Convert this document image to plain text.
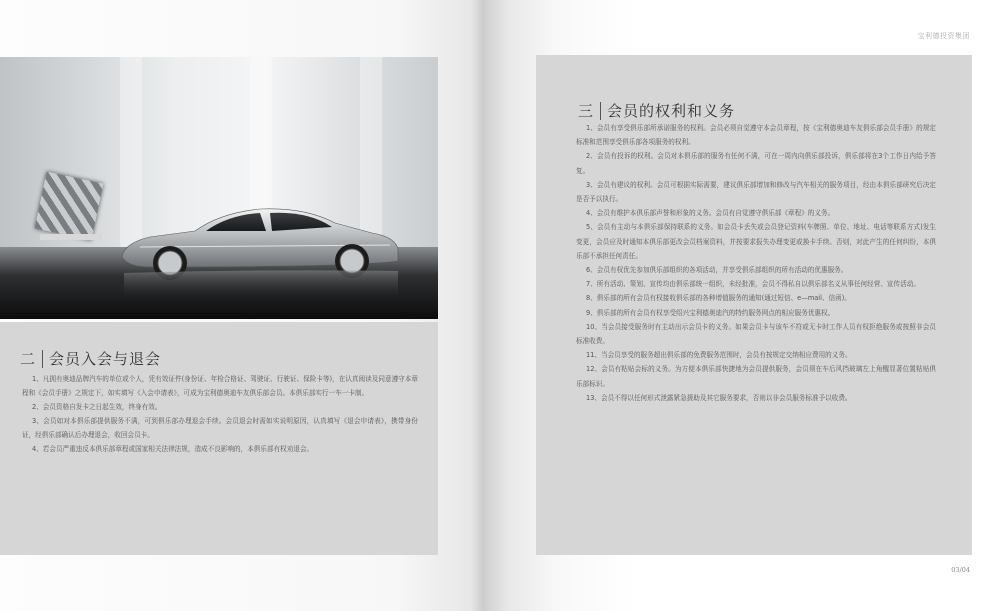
二 会员入会与退会

1、凡拥有奥迪品牌汽车的单位或个人，凭有效证件(身份证、年检合格证、驾驶证、行驶证、保险卡等)，在认真阅读及同意遵守本章程和《会员手册》之规定下，如实填写《入会申请表》，可成为宝利德奥迪车友俱乐部会员。本俱乐部实行一车一卡制。

2、会员资格自发卡之日起生效，终身有效。

3、会员如对本俱乐部提供服务不满，可到俱乐部办理退会手续。会员退会时需如实说明原因，认真填写《退会申请表》，携带身份证，经俱乐部确认后办理退会，收回会员卡。

4、若会员严重违反本俱乐部章程或国家相关法律法规，造成不良影响的，本俱乐部有权劝退会。

宝利德投资集团
03/04
三 会员的权利和义务

1、会员有享受俱乐部所承诺服务的权利。会员必须自觉遵守本会员章程，按《宝利德奥迪车友俱乐部会员手册》的规定标准和范围享受俱乐部各项服务的权利。

2、会员有投诉的权利。会员对本俱乐部的服务有任何不满，可在一周内向俱乐部投诉，俱乐部将在3个工作日内给予答复。

3、会员有建议的权利。会员可根据实际需要，建议俱乐部增加和修改与汽车相关的服务项目，经由本俱乐部研究后决定是否予以执行。

4、会员有维护本俱乐部声誉和形象的义务。会员有自觉遵守俱乐部《章程》的义务。

5、会员有主动与本俱乐部保持联系的义务。如会员卡丢失或会员登记资料(车牌照、单位、地址、电话等联系方式)发生变更，会员应及时通知本俱乐部更改会员档案资料，并按要求报失办理变更或换卡手续。否则，对此产生的任何纠纷，本俱乐部不承担任何责任。

6、会员有权优先参加俱乐部组织的各项活动，并享受俱乐部组织的所有活动的优惠服务。

7、所有活动、策划、宣传均由俱乐部统一组织，未经批准，会员不得私自以俱乐部名义从事任何经营、宣传活动。

8、俱乐部的所有会员有权接收俱乐部的各种增值服务的通知(通过短信、e—mail、信函)。

9、俱乐部的所有会员有权享受绍兴宝利德奥迪汽的特约服务网点的相应服务优惠权。

10、当会员接受服务时有主动出示会员卡的义务。如果会员卡与该车不符或无卡时工作人员有权拒绝服务或按照非会员标准收费。

11、当会员享受的服务超出俱乐部的免费服务范围时，会员有按规定交纳相应费用的义务。

12、会员有粘贴会标的义务。为方便本俱乐部快捷地为会员提供服务，会员须在车后风挡玻璃左上角醒显著位置粘贴俱乐部标识。

13、会员不得以任何形式泄露紧急援助及其它服务要求，否则以非会员服务标准予以收费。
